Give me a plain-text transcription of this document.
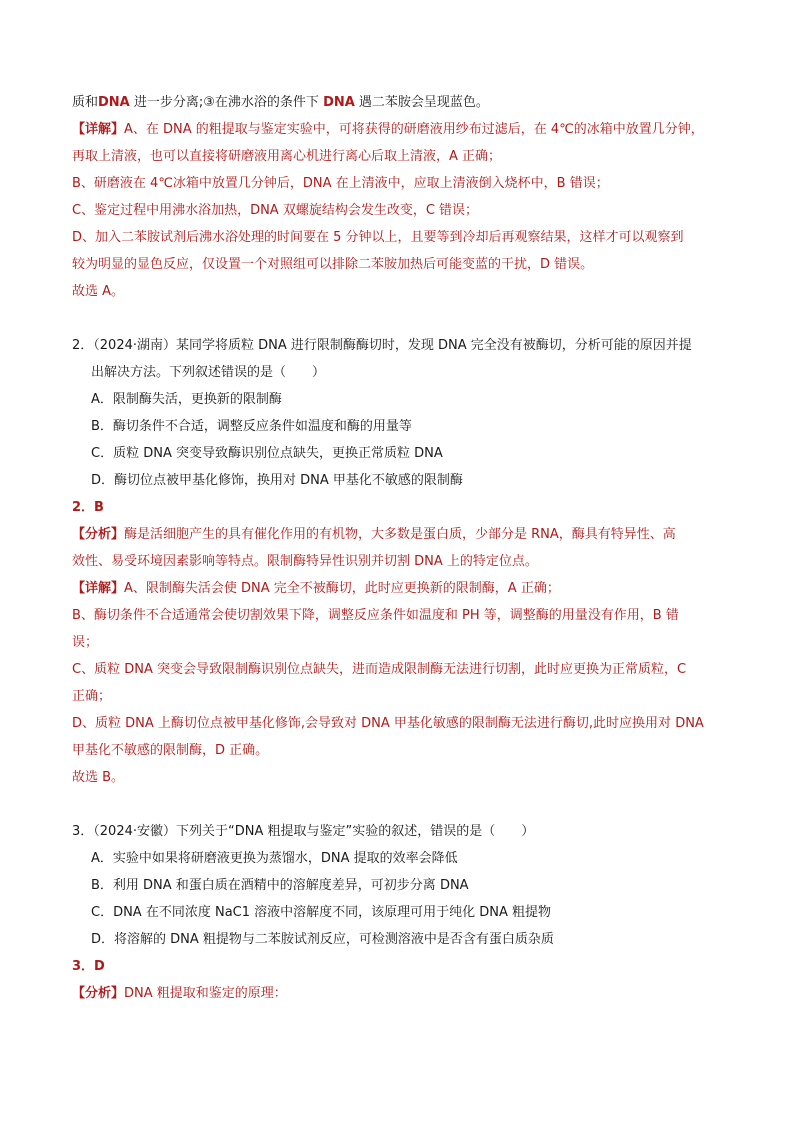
质和DNA 进一步分离;③在沸水浴的条件下 DNA 遇二苯胺会呈现蓝色。
【详解】A、在 DNA 的粗提取与鉴定实验中，可将获得的研磨液用纱布过滤后，在 4℃的冰箱中放置几分钟，
再取上清液，也可以直接将研磨液用离心机进行离心后取上清液，A 正确；
B、研磨液在 4℃冰箱中放置几分钟后，DNA 在上清液中，应取上清液倒入烧杯中，B 错误；
C、鉴定过程中用沸水浴加热，DNA 双螺旋结构会发生改变，C 错误；
D、加入二苯胺试剂后沸水浴处理的时间要在 5 分钟以上，且要等到冷却后再观察结果，这样才可以观察到
较为明显的显色反应，仅设置一个对照组可以排除二苯胺加热后可能变蓝的干扰，D 错误。
故选 A。
2．（2024·湖南）某同学将质粒 DNA 进行限制酶酶切时，发现 DNA 完全没有被酶切，分析可能的原因并提
出解决方法。下列叙述错误的是（　　）
A．限制酶失活，更换新的限制酶
B．酶切条件不合适，调整反应条件如温度和酶的用量等
C．质粒 DNA 突变导致酶识别位点缺失，更换正常质粒 DNA
D．酶切位点被甲基化修饰，换用对 DNA 甲基化不敏感的限制酶
2．B
【分析】酶是活细胞产生的具有催化作用的有机物，大多数是蛋白质，少部分是 RNA，酶具有特异性、高
效性、易受环境因素影响等特点。限制酶特异性识别并切割 DNA 上的特定位点。
【详解】A、限制酶失活会使 DNA 完全不被酶切，此时应更换新的限制酶，A 正确；
B、酶切条件不合适通常会使切割效果下降，调整反应条件如温度和 PH 等，调整酶的用量没有作用，B 错
误；
C、质粒 DNA 突变会导致限制酶识别位点缺失，进而造成限制酶无法进行切割，此时应更换为正常质粒，C
正确；
D、质粒 DNA 上酶切位点被甲基化修饰,会导致对 DNA 甲基化敏感的限制酶无法进行酶切,此时应换用对 DNA
甲基化不敏感的限制酶，D 正确。
故选 B。
3．（2024·安徽）下列关于“DNA 粗提取与鉴定”实验的叙述，错误的是（　　）
A．实验中如果将研磨液更换为蒸馏水，DNA 提取的效率会降低
B．利用 DNA 和蛋白质在酒精中的溶解度差异，可初步分离 DNA
C．DNA 在不同浓度 NaC1 溶液中溶解度不同，该原理可用于纯化 DNA 粗提物
D．将溶解的 DNA 粗提物与二苯胺试剂反应，可检测溶液中是否含有蛋白质杂质
3．D
【分析】DNA 粗提取和鉴定的原理：
